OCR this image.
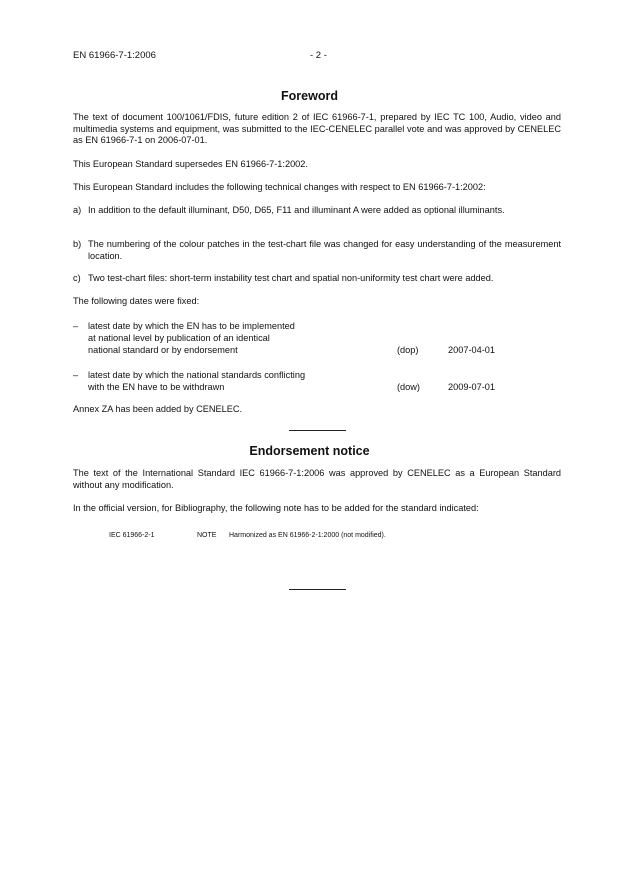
EN 61966-7-1:2006	- 2 -
Foreword
The text of document 100/1061/FDIS, future edition 2 of IEC 61966-7-1, prepared by IEC TC 100, Audio, video and multimedia systems and equipment, was submitted to the IEC-CENELEC parallel vote and was approved by CENELEC as EN 61966-7-1 on 2006-07-01.
This European Standard supersedes EN 61966-7-1:2002.
This European Standard includes the following technical changes with respect to EN 61966-7-1:2002:
a) In addition to the default illuminant, D50, D65, F11 and illuminant A were added as optional illuminants.
b) The numbering of the colour patches in the test-chart file was changed for easy understanding of the measurement location.
c) Two test-chart files: short-term instability test chart and spatial non-uniformity test chart were added.
The following dates were fixed:
– latest date by which the EN has to be implemented
at national level by publication of an identical
national standard or by endorsement	(dop)	2007-04-01
– latest date by which the national standards conflicting
with the EN have to be withdrawn	(dow)	2009-07-01
Annex ZA has been added by CENELEC.
Endorsement notice
The text of the International Standard IEC 61966-7-1:2006 was approved by CENELEC as a European Standard without any modification.
In the official version, for Bibliography, the following note has to be added for the standard indicated:
IEC 61966-2-1	NOTE Harmonized as EN 61966-2-1:2000 (not modified).
